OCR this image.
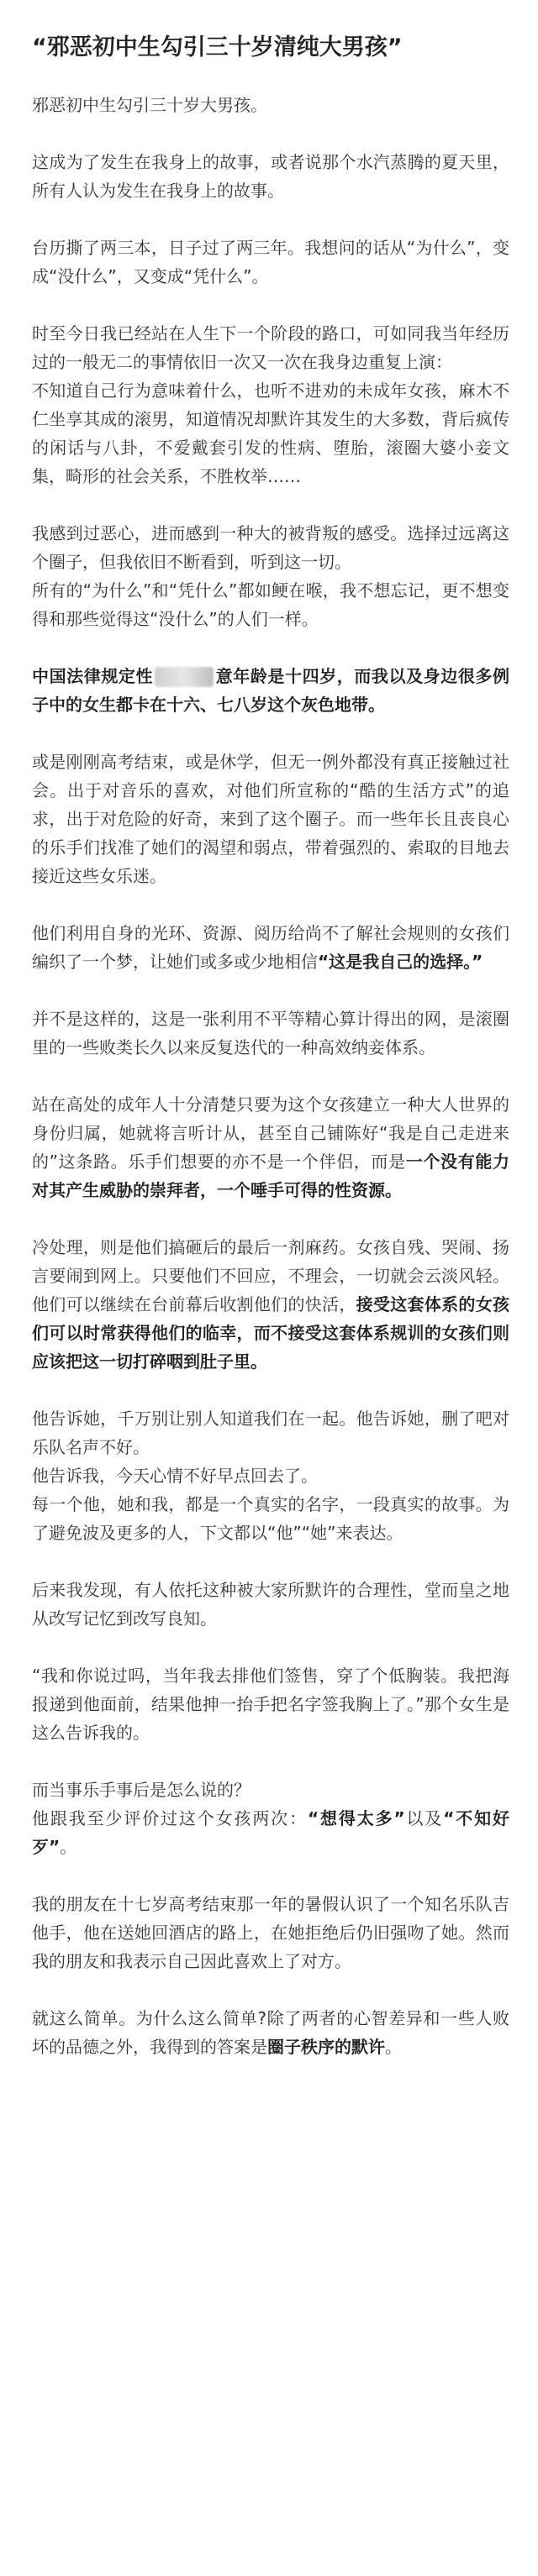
“邪恶初中生勾引三十岁清纯大男孩”

邪恶初中生勾引三十岁大男孩。

这成为了发生在我身上的故事，或者说那个水汽蒸腾的夏天里，所有人认为发生在我身上的故事。

台历撕了两三本，日子过了两三年。我想问的话从“为什么”，变成“没什么”，又变成“凭什么”。

时至今日我已经站在人生下一个阶段的路口，可如同我当年经历过的一般无二的事情依旧一次又一次在我身边重复上演：
不知道自己行为意味着什么，也听不进劝的未成年女孩，麻木不仁坐享其成的滚男，知道情况却默许其发生的大多数，背后疯传的闲话与八卦，不爱戴套引发的性病、堕胎，滚圈大婆小妾文集，畸形的社会关系，不胜枚举……

我感到过恶心，进而感到一种大的被背叛的感受。选择过远离这个圈子，但我依旧不断看到，听到这一切。
所有的“为什么”和“凭什么”都如鲠在喉，我不想忘记，更不想变得和那些觉得这“没什么”的人们一样。

中国法律规定性	意年龄是十四岁，而我以及身边很多例子中的女生都卡在十六、七八岁这个灰色地带。

或是刚刚高考结束，或是休学，但无一例外都没有真正接触过社会。出于对音乐的喜欢，对他们所宣称的“酷的生活方式”的追求，出于对危险的好奇，来到了这个圈子。而一些年长且丧良心的乐手们找准了她们的渴望和弱点，带着强烈的、索取的目地去接近这些女乐迷。

他们利用自身的光环、资源、阅历给尚不了解社会规则的女孩们编织了一个梦，让她们或多或少地相信“这是我自己的选择。”

并不是这样的，这是一张利用不平等精心算计得出的网，是滚圈里的一些败类长久以来反复迭代的一种高效纳妾体系。

站在高处的成年人十分清楚只要为这个女孩建立一种大人世界的身份归属，她就将言听计从，甚至自己铺陈好“我是自己走进来的”这条路。乐手们想要的亦不是一个伴侣，而是一个没有能力对其产生威胁的崇拜者，一个唾手可得的性资源。

冷处理，则是他们搞砸后的最后一剂麻药。女孩自残、哭闹、扬言要闹到网上。只要他们不回应，不理会，一切就会云淡风轻。他们可以继续在台前幕后收割他们的快活，接受这套体系的女孩们可以时常获得他们的临幸，而不接受这套体系规训的女孩们则应该把这一切打碎咽到肚子里。

他告诉她，千万别让别人知道我们在一起。他告诉她，删了吧对乐队名声不好。
他告诉我，今天心情不好早点回去了。
每一个他，她和我，都是一个真实的名字，一段真实的故事。为了避免波及更多的人，下文都以“他”“她”来表达。

后来我发现，有人依托这种被大家所默许的合理性，堂而皇之地从改写记忆到改写良知。

“我和你说过吗，当年我去排他们签售，穿了个低胸装。我把海报递到他面前，结果他抻一抬手把名字签我胸上了。”那个女生是这么告诉我的。

而当事乐手事后是怎么说的？
他跟我至少评价过这个女孩两次：“想得太多”以及“不知好歹”。

我的朋友在十七岁高考结束那一年的暑假认识了一个知名乐队吉他手，他在送她回酒店的路上，在她拒绝后仍旧强吻了她。然而我的朋友和我表示自己因此喜欢上了对方。

就这么简单。为什么这么简单?除了两者的心智差异和一些人败坏的品德之外，我得到的答案是圈子秩序的默许。
